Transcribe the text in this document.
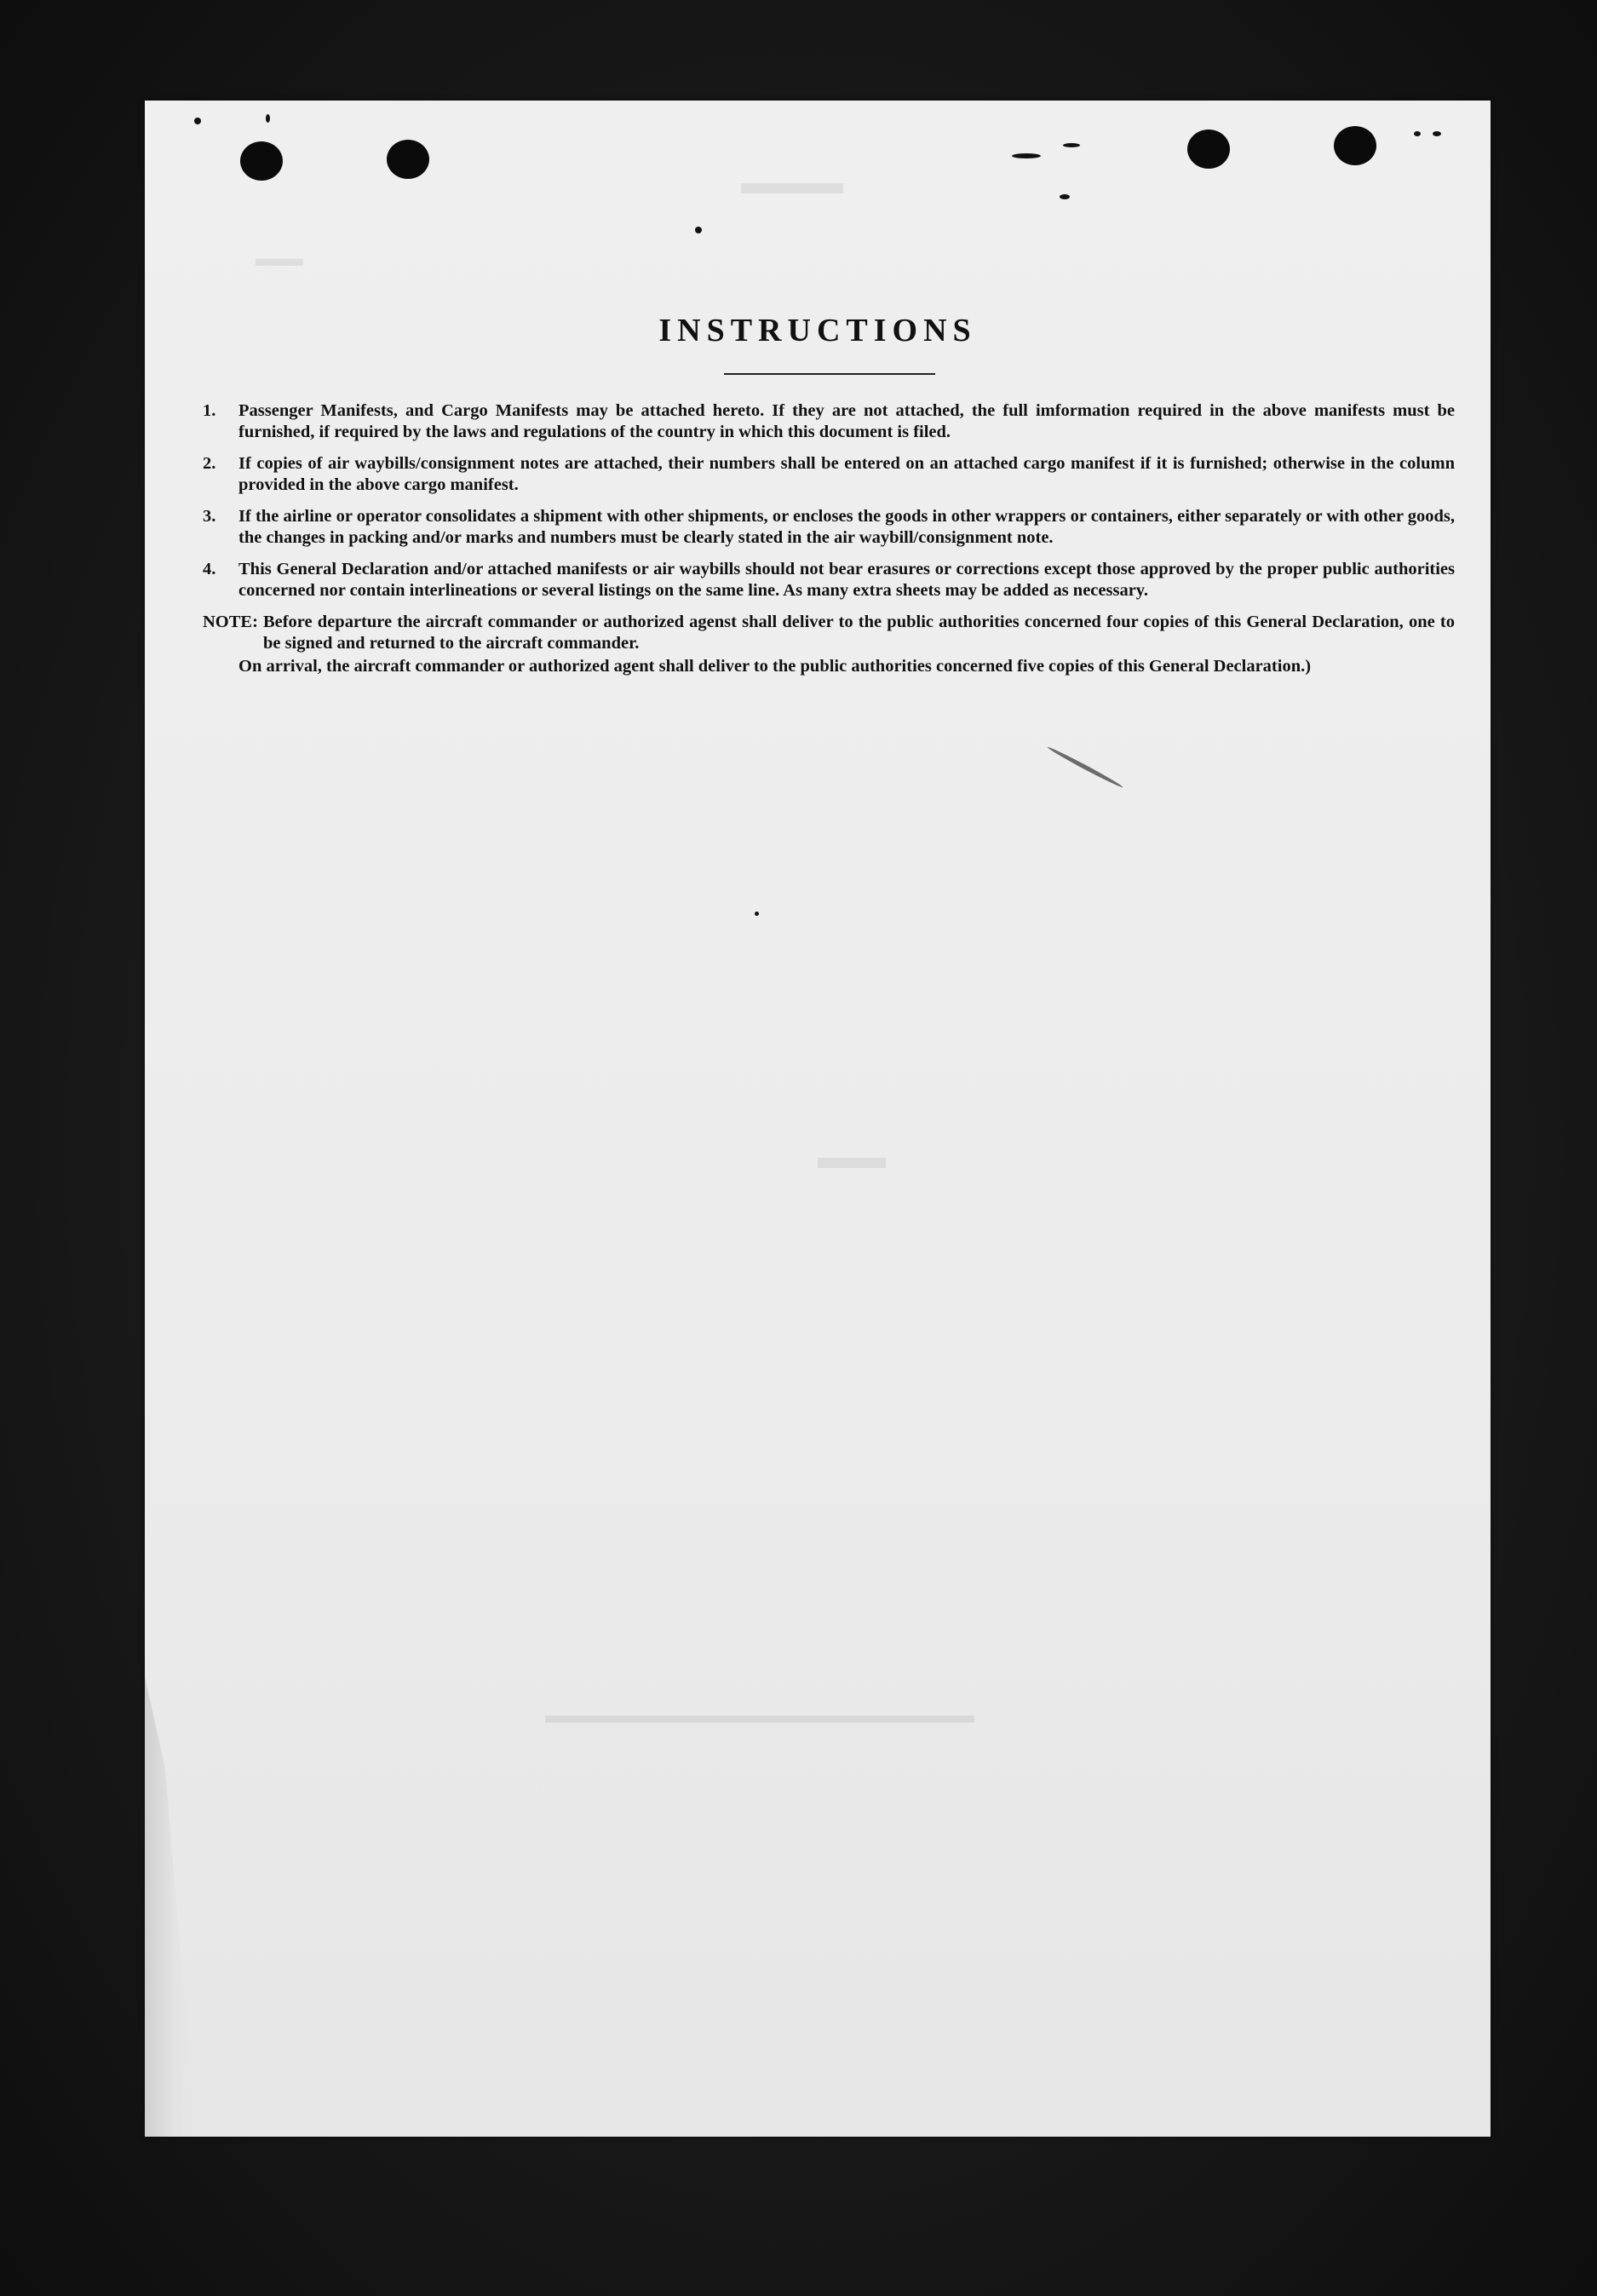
▬▬▬
▬▬
▬▬▬▬▬▬▬▬▬▬▬▬▬▬▬▬▬▬
▬▬
INSTRUCTIONS
1.	Passenger Manifests, and Cargo Manifests may be attached hereto. If they are not attached, the full imformation required in the above manifests must be furnished, if required by the laws and regulations of the country in which this document is filed.
2.	If copies of air waybills/consignment notes are attached, their numbers shall be entered on an attached cargo manifest if it is furnished; otherwise in the column provided in the above cargo manifest.
3.	If the airline or operator consolidates a shipment with other shipments, or encloses the goods in other wrappers or containers, either separately or with other goods, the changes in packing and/or marks and numbers must be clearly stated in the air waybill/consignment note.
4.	This General Declaration and/or attached manifests or air waybills should not bear erasures or corrections except those approved by the proper public authorities concerned nor contain interlineations or several listings on the same line. As many extra sheets may be added as necessary.
NOTE: Before departure the aircraft commander or authorized agenst shall deliver to the public authorities concerned four copies of this General Declaration, one to be signed and returned to the aircraft commander.
On arrival, the aircraft commander or authorized agent shall deliver to the public authorities concerned five copies of this General Declaration.)
